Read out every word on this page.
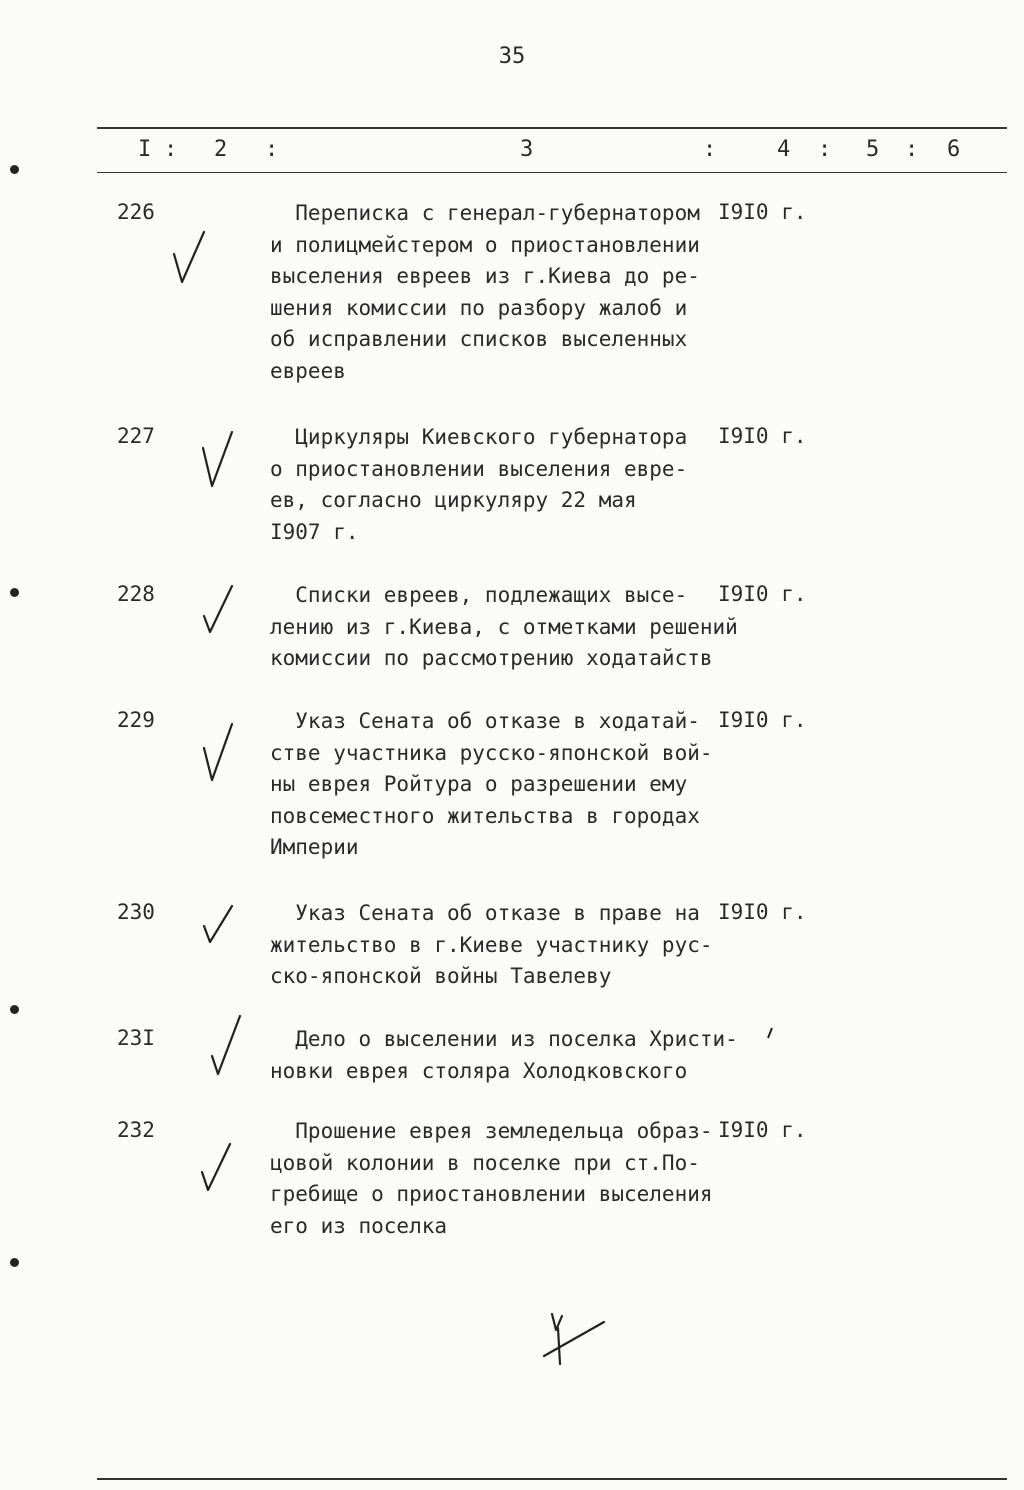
35
I : 2 :	3	:	4 : 5 : 6
226	Переписка с генерал-губернатором
и полицмейстером о приостановлении
выселения евреев из г.Киева до ре-
шения комиссии по разбору жалоб и
об исправлении списков выселенных
евреев
I9I0 г.
227	Циркуляры Киевского губернатора
о приостановлении выселения евре-
ев, согласно циркуляру 22 мая
I907 г.
I9I0 г.
228	Списки евреев, подлежащих высе-
лению из г.Киева, с отметками решений
комиссии по рассмотрению ходатайств
I9I0 г.
229	Указ Сената об отказе в ходатай-
стве участника русско-японской вой-
ны еврея Ройтура о разрешении ему
повсеместного жительства в городах
Империи
I9I0 г.
230	Указ Сената об отказе в праве на
жительство в г.Киеве участнику рус-
ско-японской войны Тавелеву
I9I0 г.
23I	Дело о выселении из поселка Христи-
новки еврея столяра Холодковского
232	Прошение еврея земледельца образ-
цовой колонии в поселке при ст.По-
гребище о приостановлении выселения
его из поселка
I9I0 г.
